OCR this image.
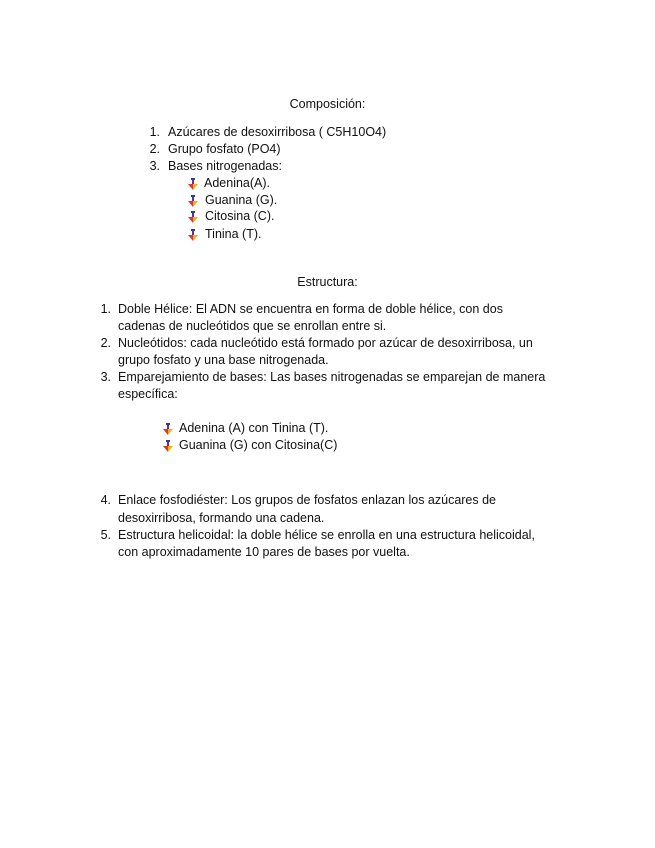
Composición:
1. Azúcares de desoxirribosa ( C5H10O4)
2. Grupo fosfato (PO4)
3. Bases nitrogenadas:
Adenina(A).
Guanina (G).
Citosina (C).
Tinina (T).
Estructura:
1. Doble Hélice: El ADN se encuentra en forma de doble hélice, con dos
cadenas de nucleótidos que se enrollan entre si.
2. Nucleótidos: cada nucleótido está formado por azúcar de desoxirribosa, un
grupo fosfato y una base nitrogenada.
3. Emparejamiento de bases: Las bases nitrogenadas se emparejan de manera
específica:
Adenina (A) con Tinina (T).
Guanina (G) con Citosina(C)
4. Enlace fosfodiéster: Los grupos de fosfatos enlazan los azúcares de
desoxirribosa, formando una cadena.
5. Estructura helicoidal: la doble hélice se enrolla en una estructura helicoidal,
con aproximadamente 10 pares de bases por vuelta.
